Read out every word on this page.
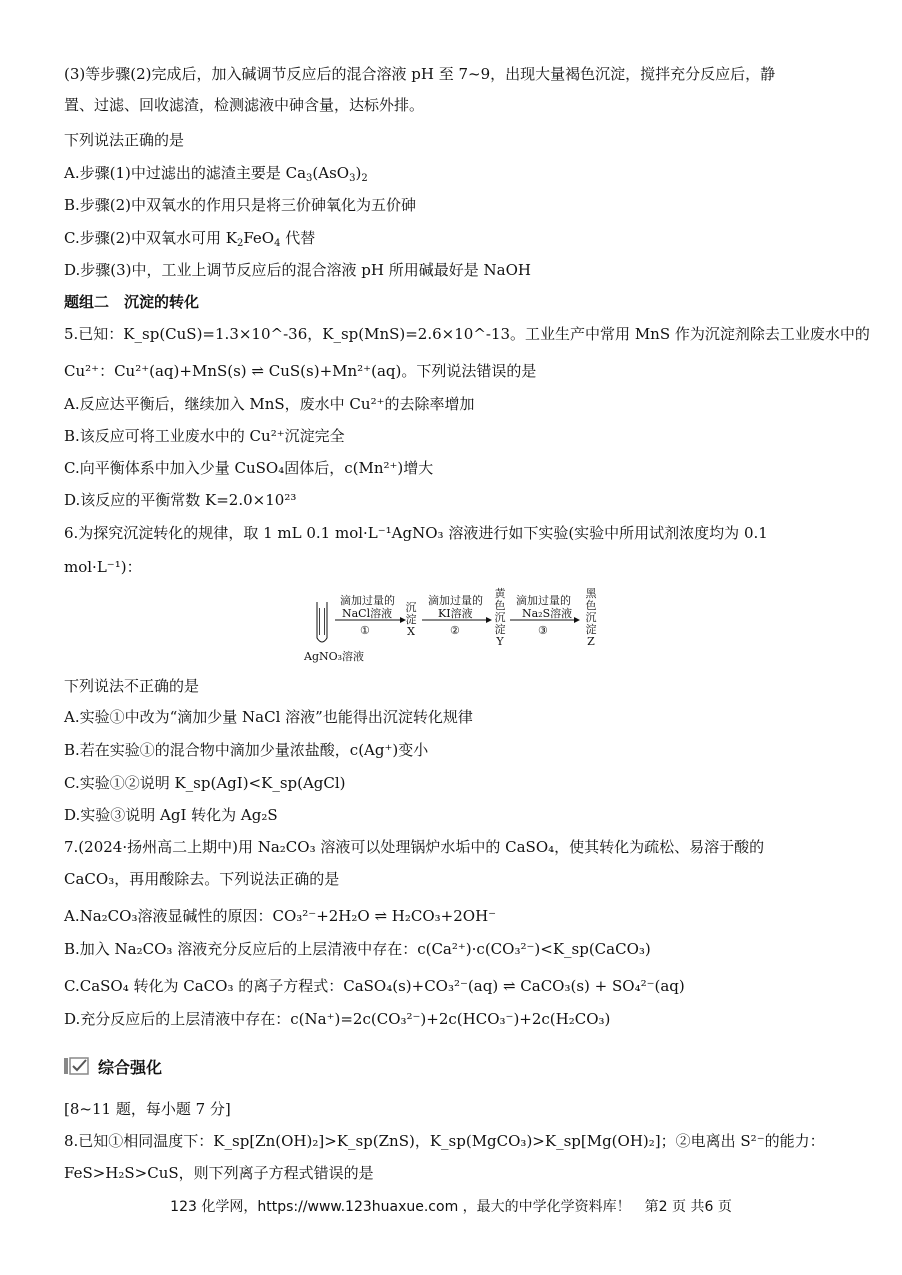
(3)等步骤(2)完成后，加入碱调节反应后的混合溶液 pH 至 7~9，出现大量褐色沉淀，搅拌充分反应后，静
置、过滤、回收滤渣，检测滤液中砷含量，达标外排。
下列说法正确的是
A.步骤(1)中过滤出的滤渣主要是 $Ca_3(AsO_3)_2$
B.步骤(2)中双氧水的作用只是将三价砷氧化为五价砷
C.步骤(2)中双氧水可用 $K_2FeO_4$ 代替
D.步骤(3)中，工业上调节反应后的混合溶液 pH 所用碱最好是 NaOH
题组二　沉淀的转化
5.已知：K_sp(CuS)=1.3×10^-36，K_sp(MnS)=2.6×10^-13。工业生产中常用 MnS 作为沉淀剂除去工业废水中的
Cu²⁺：Cu²⁺(aq)+MnS(s) ⇌ CuS(s)+Mn²⁺(aq)。下列说法错误的是
A.反应达平衡后，继续加入 MnS，废水中 Cu²⁺的去除率增加
B.该反应可将工业废水中的 Cu²⁺沉淀完全
C.向平衡体系中加入少量 CuSO₄固体后，c(Mn²⁺)增大
D.该反应的平衡常数 K=2.0×10²³
6.为探究沉淀转化的规律，取 1 mL 0.1 mol·L⁻¹AgNO₃ 溶液进行如下实验(实验中所用试剂浓度均为 0.1
mol·L⁻¹)：
AgNO₃溶液
滴加过量的
NaCl溶液
①
沉
淀
X
滴加过量的
KI溶液
②
黄
色
沉
淀
Y
滴加过量的
Na₂S溶液
③
黑
色
沉
淀
Z
下列说法不正确的是
A.实验①中改为“滴加少量 NaCl 溶液”也能得出沉淀转化规律
B.若在实验①的混合物中滴加少量浓盐酸，c(Ag⁺)变小
C.实验①②说明 K_sp(AgI)<K_sp(AgCl)
D.实验③说明 AgI 转化为 Ag₂S
7.(2024·扬州高二上期中)用 Na₂CO₃ 溶液可以处理锅炉水垢中的 CaSO₄，使其转化为疏松、易溶于酸的
CaCO₃，再用酸除去。下列说法正确的是
A.Na₂CO₃溶液显碱性的原因：CO₃²⁻+2H₂O ⇌ H₂CO₃+2OH⁻
B.加入 Na₂CO₃ 溶液充分反应后的上层清液中存在：c(Ca²⁺)·c(CO₃²⁻)<K_sp(CaCO₃)
C.CaSO₄ 转化为 CaCO₃ 的离子方程式：CaSO₄(s)+CO₃²⁻(aq) ⇌ CaCO₃(s) + SO₄²⁻(aq)
D.充分反应后的上层清液中存在：c(Na⁺)=2c(CO₃²⁻)+2c(HCO₃⁻)+2c(H₂CO₃)
综合强化
[8~11 题，每小题 7 分]
8.已知①相同温度下：K_sp[Zn(OH)₂]>K_sp(ZnS)，K_sp(MgCO₃)>K_sp[Mg(OH)₂]；②电离出 S²⁻的能力：
FeS>H₂S>CuS，则下列离子方程式错误的是
123 化学网，https://www.123huaxue.com ，最大的中学化学资料库！　第2 页 共6 页
